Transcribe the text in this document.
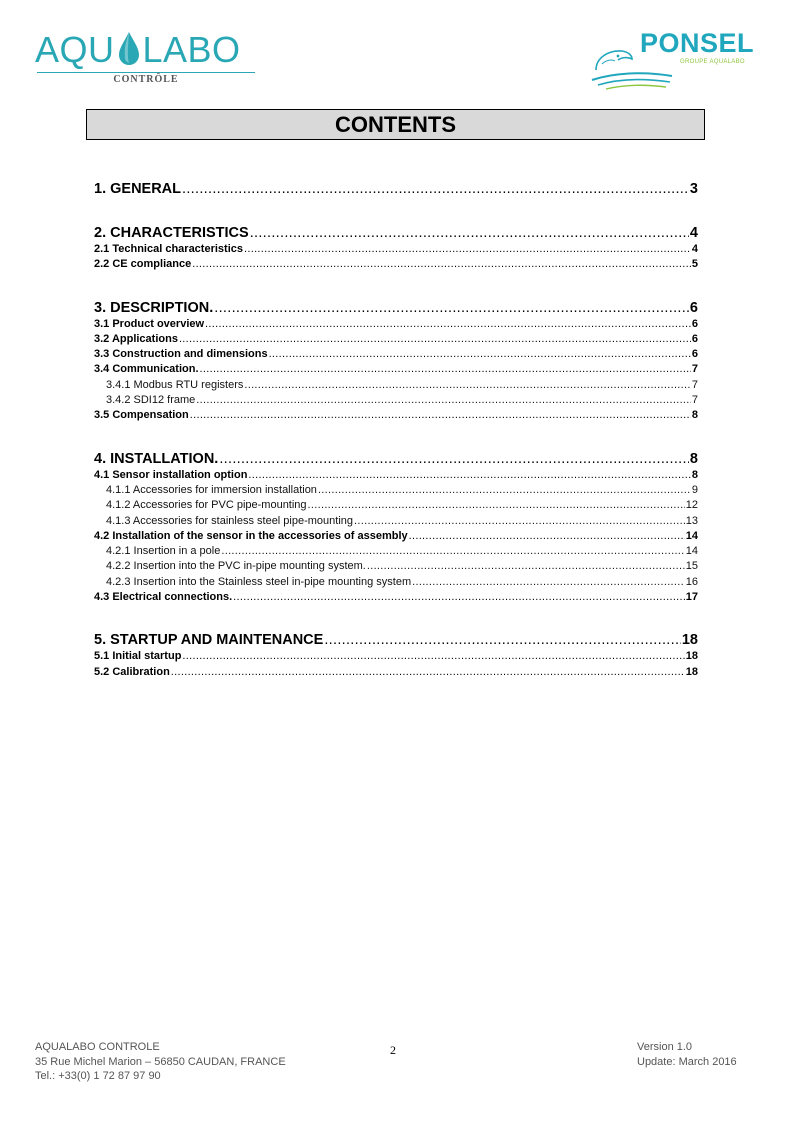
AQU LABO
CONTRÔLE
PONSEL
GROUPE AQUALABO
CONTENTS
1. GENERAL .....	3
2. CHARACTERISTICS .....	4
2.1 Technical characteristics .....	4
2.2 CE compliance .....	5
3. DESCRIPTION. .....	6
3.1 Product overview .....	6
3.2 Applications .....	6
3.3 Construction and dimensions .....	6
3.4 Communication. .....	7
3.4.1 Modbus RTU registers .....	7
3.4.2 SDI12 frame .....	7
3.5 Compensation .....	8
4. INSTALLATION. .....	8
4.1 Sensor installation option .....	8
4.1.1 Accessories for immersion installation .....	9
4.1.2 Accessories for PVC pipe-mounting .....	12
4.1.3 Accessories for stainless steel pipe-mounting .....	13
4.2 Installation of the sensor in the accessories of assembly .....	14
4.2.1 Insertion in a pole .....	14
4.2.2 Insertion into the PVC in-pipe mounting system. .....	15
4.2.3 Insertion into the Stainless steel in-pipe mounting system .....	16
4.3 Electrical connections. .....	17
5. STARTUP AND MAINTENANCE .....	18
5.1 Initial startup .....	18
5.2 Calibration .....	18
AQUALABO CONTROLE
35 Rue Michel Marion – 56850 CAUDAN, FRANCE
Tel.: +33(0) 1 72 87 97 90
2	Version 1.0
Update: March 2016
